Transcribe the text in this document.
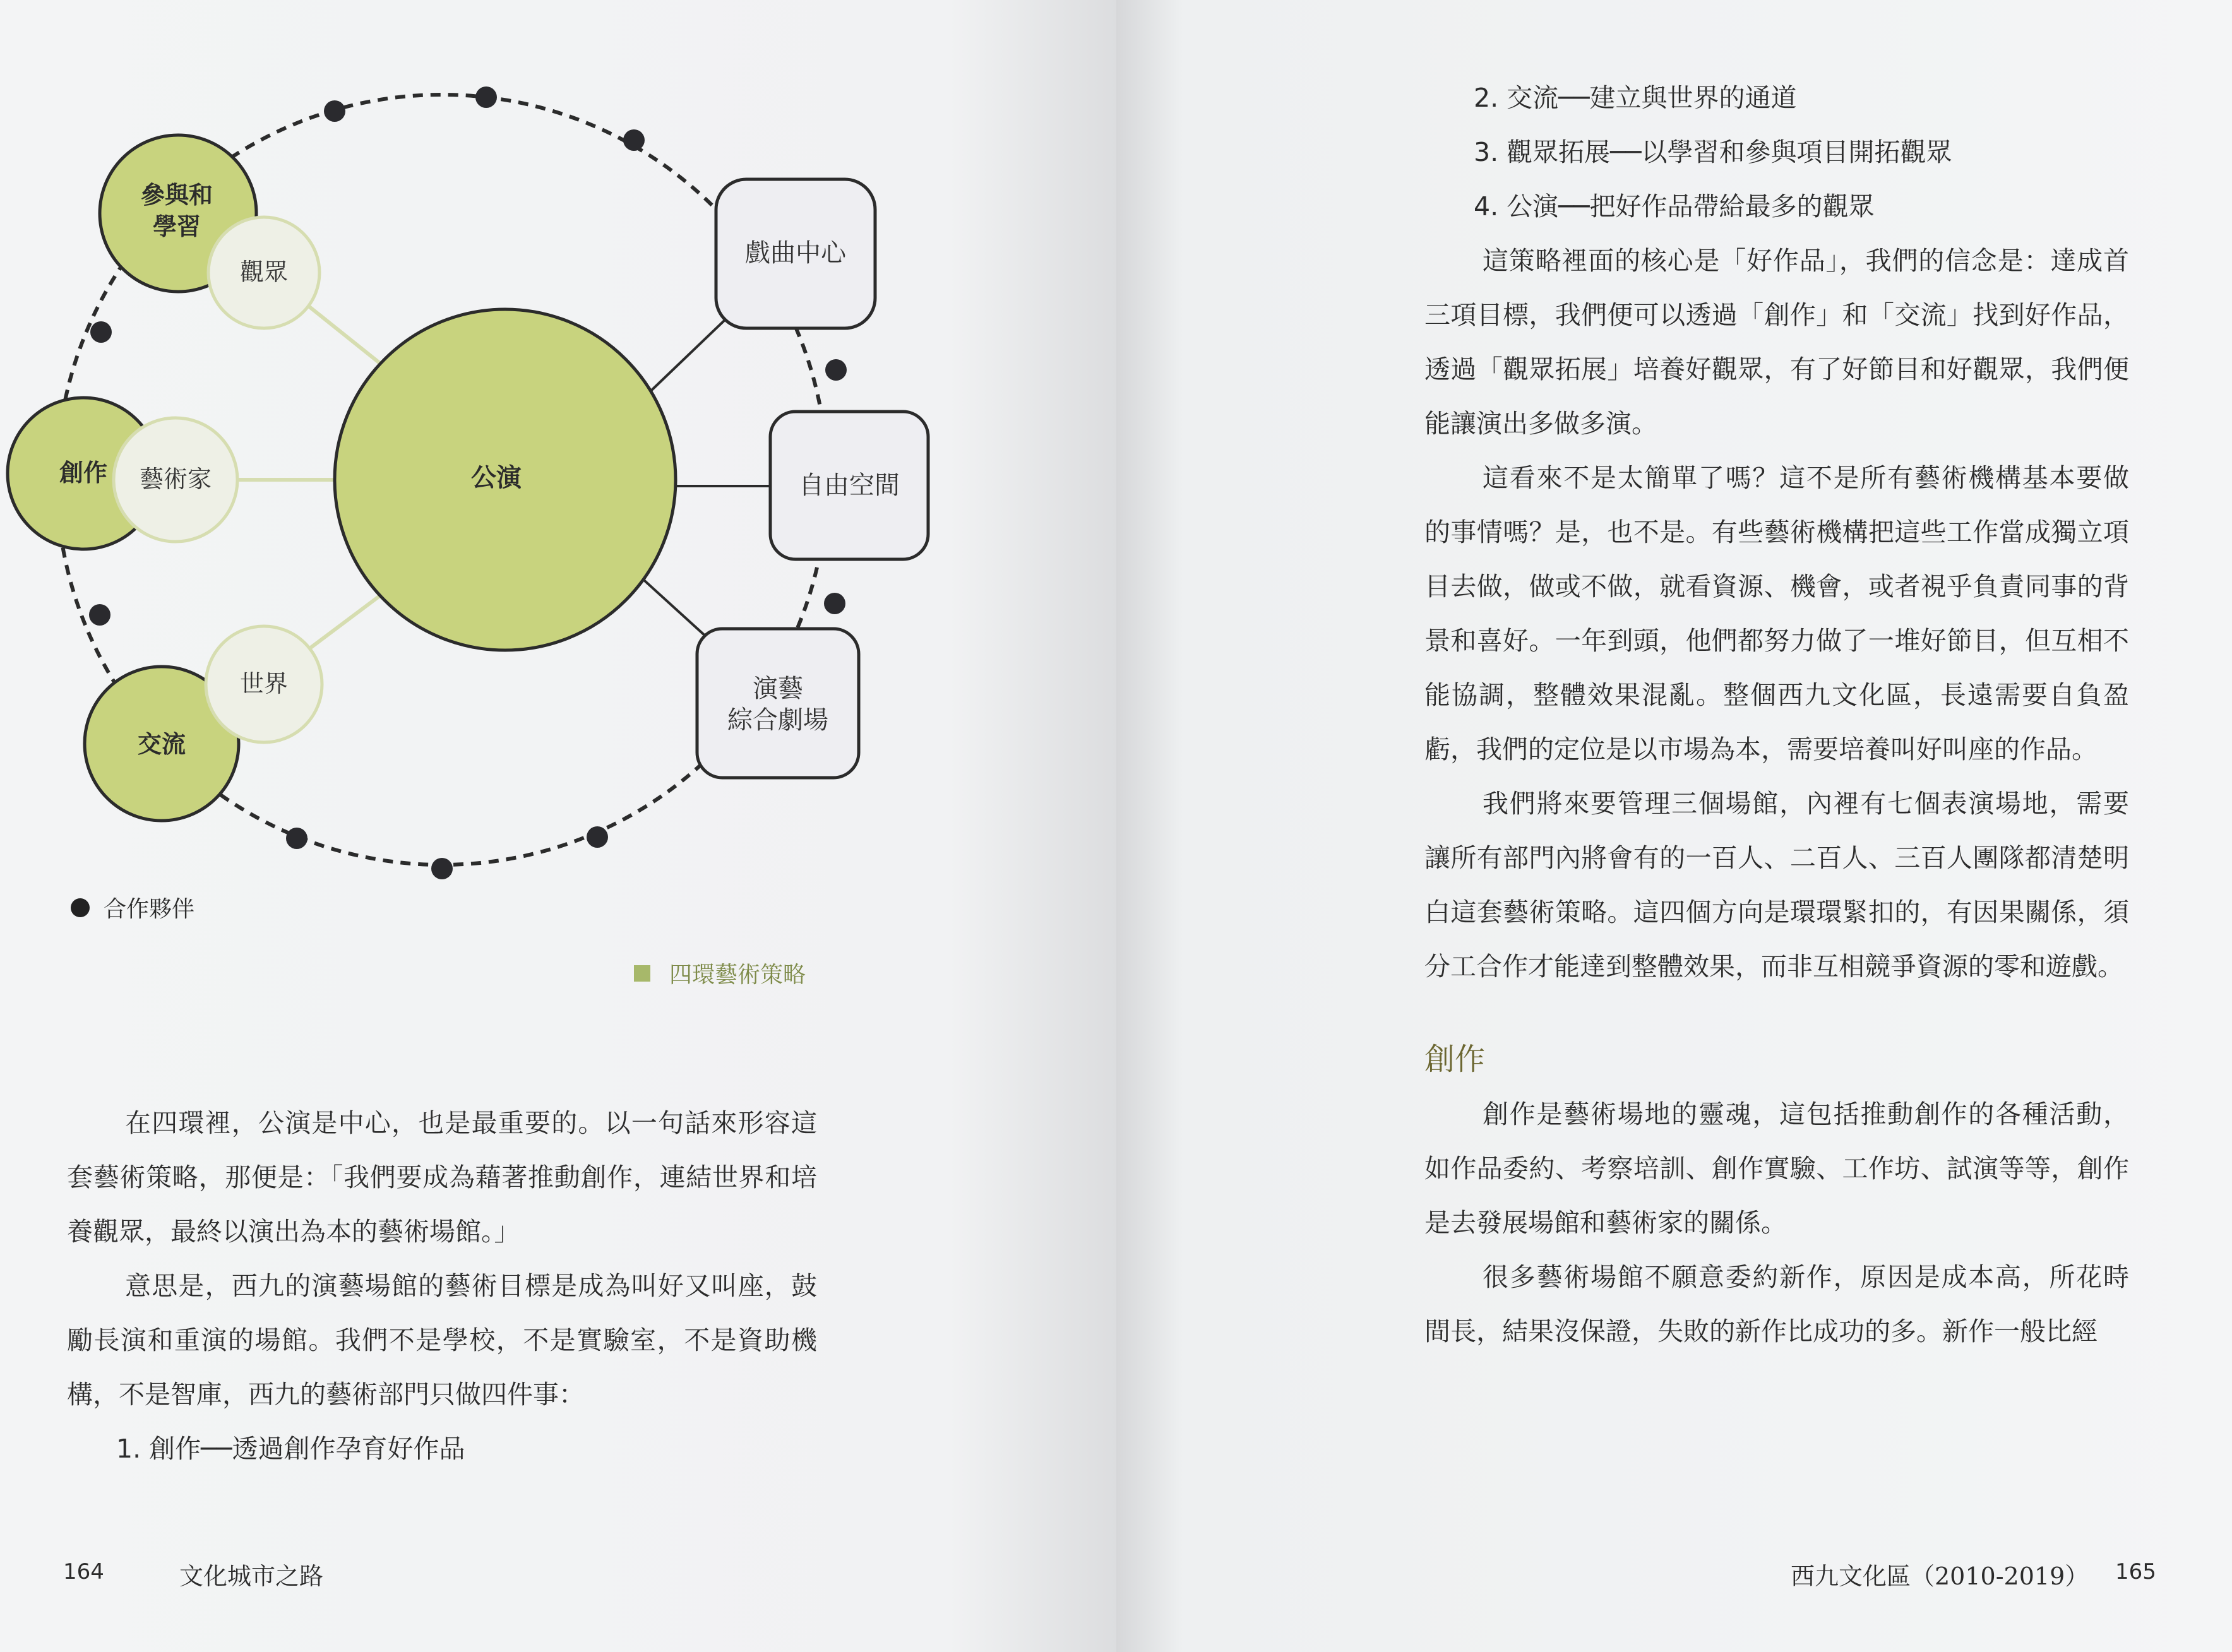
參與和
學習
創作
交流
觀眾
藝術家
世界
公演
戲曲中心
自由空間
演藝
綜合劇場
合作夥伴
四環藝術策略

在四環裡，公演是中心，也是最重要的。以一句話來形容這套藝術策略，那便是：「我們要成為藉著推動創作，連結世界和培養觀眾，最終以演出為本的藝術場館。」

意思是，西九的演藝場館的藝術目標是成為叫好又叫座，鼓勵長演和重演的場館。我們不是學校，不是實驗室，不是資助機構，不是智庫，西九的藝術部門只做四件事：

1. 創作──透過創作孕育好作品

164	文化城市之路

2. 交流──建立與世界的通道

3. 觀眾拓展──以學習和參與項目開拓觀眾

4. 公演──把好作品帶給最多的觀眾

這策略裡面的核心是「好作品」，我們的信念是：達成首三項目標，我們便可以透過「創作」和「交流」找到好作品，透過「觀眾拓展」培養好觀眾，有了好節目和好觀眾，我們便能讓演出多做多演。

這看來不是太簡單了嗎？這不是所有藝術機構基本要做的事情嗎？是，也不是。有些藝術機構把這些工作當成獨立項目去做，做或不做，就看資源、機會，或者視乎負責同事的背景和喜好。一年到頭，他們都努力做了一堆好節目，但互相不能協調，整體效果混亂。整個西九文化區，長遠需要自負盈虧，我們的定位是以市場為本，需要培養叫好叫座的作品。

我們將來要管理三個場館，內裡有七個表演場地，需要讓所有部門內將會有的一百人、二百人、三百人團隊都清楚明白這套藝術策略。這四個方向是環環緊扣的，有因果關係，須分工合作才能達到整體效果，而非互相競爭資源的零和遊戲。

創作

創作是藝術場地的靈魂，這包括推動創作的各種活動，如作品委約、考察培訓、創作實驗、工作坊、試演等等，創作是去發展場館和藝術家的關係。

很多藝術場館不願意委約新作，原因是成本高，所花時間長，結果沒保證，失敗的新作比成功的多。新作一般比經

西九文化區（2010-2019） 165
